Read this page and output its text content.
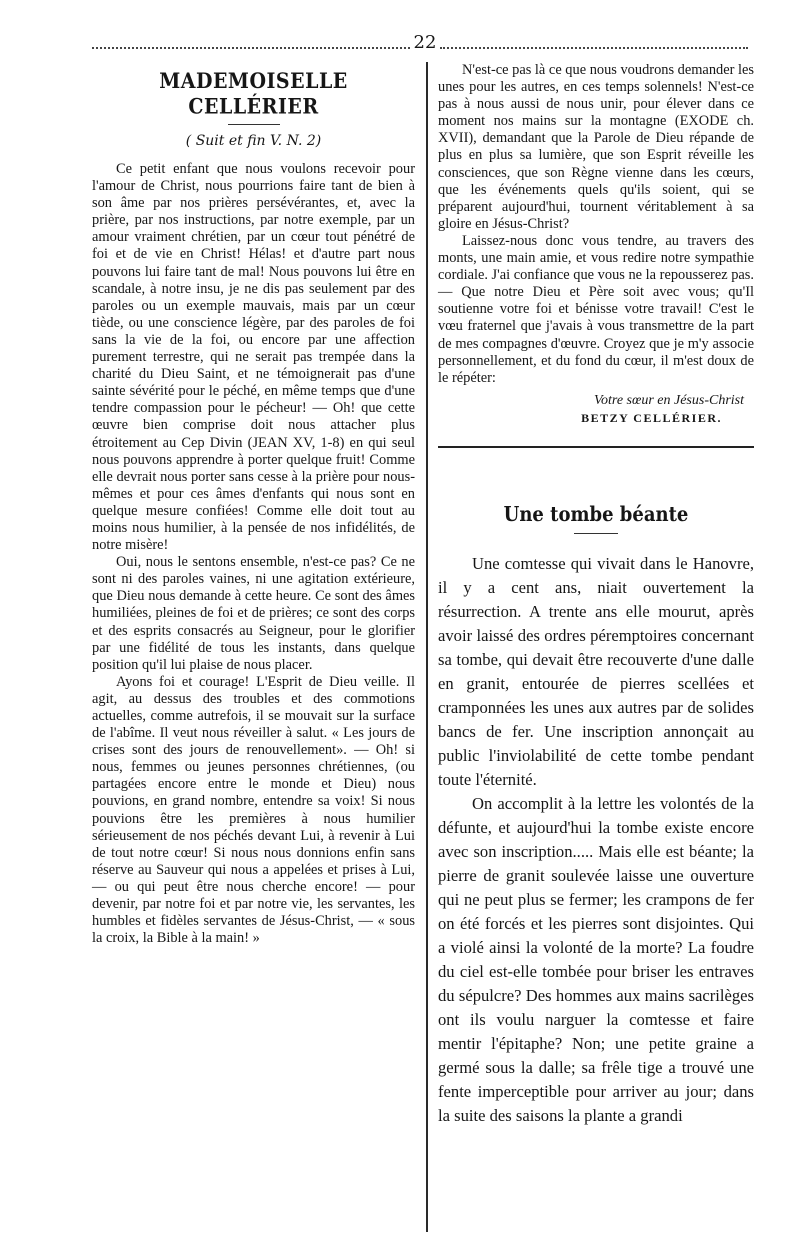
22
MADEMOISELLE CELLÉRIER
( Suit et fin V. N. 2)

Ce petit enfant que nous voulons recevoir pour l'amour de Christ, nous pourrions faire tant de bien à son âme par nos prières persévérantes, et, avec la prière, par nos instructions, par notre exemple, par un amour vraiment chrétien, par un cœur tout pénétré de foi et de vie en Christ! Hélas! et d'autre part nous pouvons lui faire tant de mal! Nous pouvons lui être en scandale, à notre insu, je ne dis pas seulement par des paroles ou un exemple mauvais, mais par un cœur tiède, ou une conscience légère, par des paroles de foi sans la vie de la foi, ou encore par une affection purement terrestre, qui ne serait pas trempée dans la charité du Dieu Saint, et ne témoignerait pas d'une sainte sévérité pour le péché, en même temps que d'une tendre compassion pour le pécheur! — Oh! que cette œuvre bien comprise doit nous attacher plus étroitement au Cep Divin (JEAN XV, 1-8) en qui seul nous pouvons apprendre à porter quelque fruit! Comme elle devrait nous porter sans cesse à la prière pour nous-mêmes et pour ces âmes d'enfants qui nous sont en quelque mesure confiées! Comme elle doit tout au moins nous humilier, à la pensée de nos infidélités, de notre misère!

Oui, nous le sentons ensemble, n'est-ce pas? Ce ne sont ni des paroles vaines, ni une agitation extérieure, que Dieu nous demande à cette heure. Ce sont des âmes humiliées, pleines de foi et de prières; ce sont des corps et des esprits consacrés au Seigneur, pour le glorifier par une fidélité de tous les instants, dans quelque position qu'il lui plaise de nous placer.

Ayons foi et courage! L'Esprit de Dieu veille. Il agit, au dessus des troubles et des commotions actuelles, comme autrefois, il se mouvait sur la surface de l'abîme. Il veut nous réveiller à salut. « Les jours de crises sont des jours de renouvellement». — Oh! si nous, femmes ou jeunes personnes chrétiennes, (ou partagées encore entre le monde et Dieu) nous pouvions, en grand nombre, entendre sa voix! Si nous pouvions être les premières à nous humilier sérieusement de nos péchés devant Lui, à revenir à Lui de tout notre cœur! Si nous nous donnions enfin sans réserve au Sauveur qui nous a appelées et prises à Lui, — ou qui peut être nous cherche encore! — pour devenir, par notre foi et par notre vie, les servantes, les humbles et fidèles servantes de Jésus-Christ, — « sous la croix, la Bible à la main! »

N'est-ce pas là ce que nous voudrons demander les unes pour les autres, en ces temps solennels! N'est-ce pas à nous aussi de nous unir, pour élever dans ce moment nos mains sur la montagne (EXODE ch. XVII), demandant que la Parole de Dieu répande de plus en plus sa lumière, que son Esprit réveille les consciences, que son Règne vienne dans les cœurs, que les événements quels qu'ils soient, qui se préparent aujourd'hui, tournent véritablement à sa gloire en Jésus-Christ?

Laissez-nous donc vous tendre, au travers des monts, une main amie, et vous redire notre sympathie cordiale. J'ai confiance que vous ne la repousserez pas. — Que notre Dieu et Père soit avec vous; qu'Il soutienne votre foi et bénisse votre travail! C'est le vœu fraternel que j'avais à vous transmettre de la part de mes compagnes d'œuvre. Croyez que je m'y associe personnellement, et du fond du cœur, il m'est doux de le répéter:

Votre sœur en Jésus-Christ
BETZY CELLÉRIER.
Une tombe béante

Une comtesse qui vivait dans le Hanovre, il y a cent ans, niait ouvertement la résurrection. A trente ans elle mourut, après avoir laissé des ordres péremptoires concernant sa tombe, qui devait être recouverte d'une dalle en granit, entourée de pierres scellées et cramponnées les unes aux autres par de solides bancs de fer. Une inscription annonçait au public l'inviolabilité de cette tombe pendant toute l'éternité.

On accomplit à la lettre les volontés de la défunte, et aujourd'hui la tombe existe encore avec son inscription..... Mais elle est béante; la pierre de granit soulevée laisse une ouverture qui ne peut plus se fermer; les crampons de fer on été forcés et les pierres sont disjointes. Qui a violé ainsi la volonté de la morte? La foudre du ciel est-elle tombée pour briser les entraves du sépulcre? Des hommes aux mains sacrilèges ont ils voulu narguer la comtesse et faire mentir l'épitaphe? Non; une petite graine a germé sous la dalle; sa frêle tige a trouvé une fente imperceptible pour arriver au jour; dans la suite des saisons la plante a grandi
